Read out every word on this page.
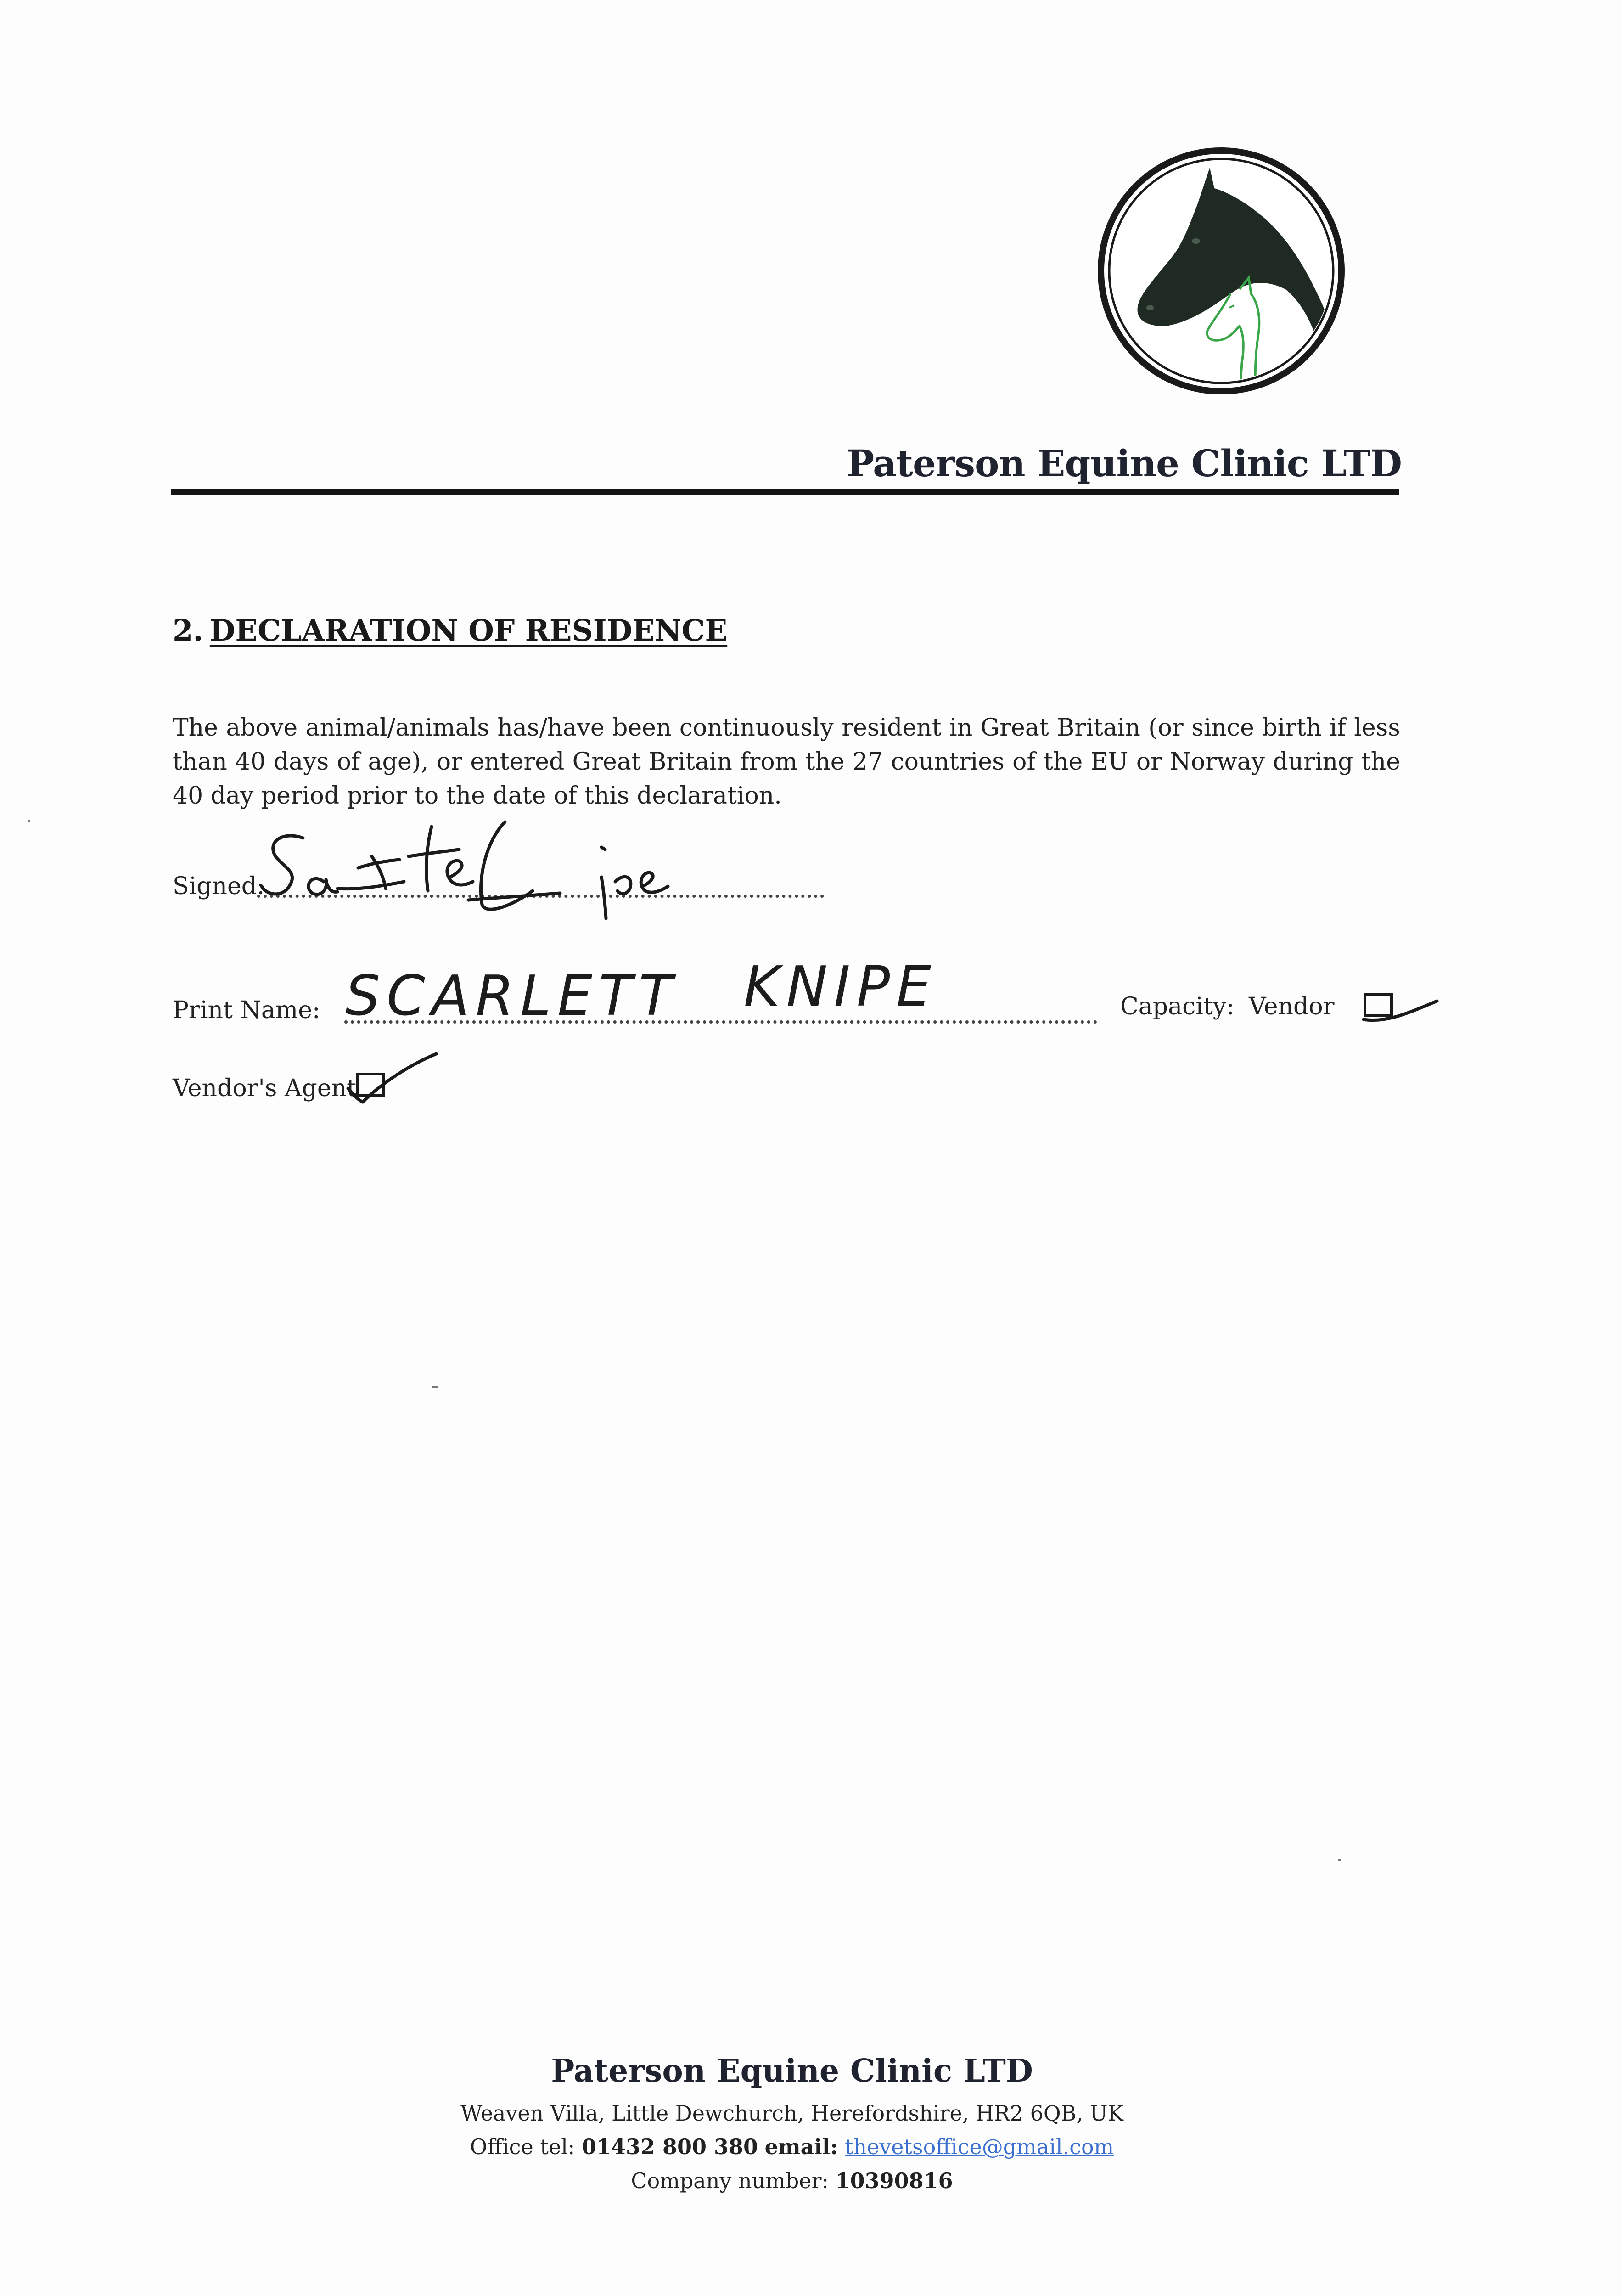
Paterson Equine Clinic LTD
2. DECLARATION OF RESIDENCE

The above animal/animals has/have been continuously resident in Great Britain (or since birth if less than 40 days of age), or entered Great Britain from the 27 countries of the EU or Norway during the 40 day period prior to the date of this declaration.

Signed:
Print Name: SCARLETT KNIPE	Capacity: Vendor
Vendor's Agent
Paterson Equine Clinic LTD
Weaven Villa, Little Dewchurch, Herefordshire, HR2 6QB, UK
Office tel: 01432 800 380 email: thevetsoffice@gmail.com
Company number: 10390816
